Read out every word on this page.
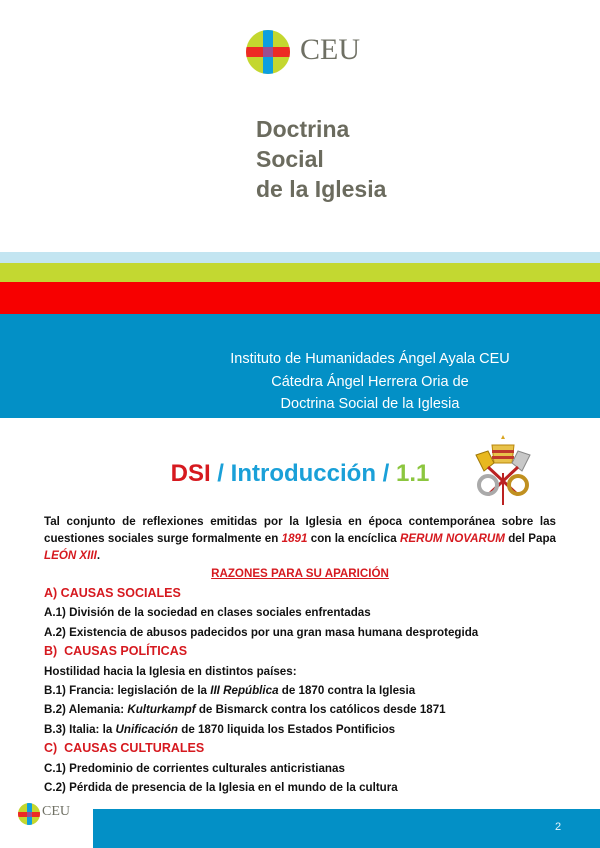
CEU
Doctrina
Social
de la Iglesia
Instituto de Humanidades Ángel Ayala CEU
Cátedra Ángel Herrera Oria de
Doctrina Social de la Iglesia
DSI / Introducción / 1.1
Tal conjunto de reflexiones emitidas por la Iglesia en época contemporánea sobre las cuestiones sociales surge formalmente en 1891 con la encíclica RERUM NOVARUM del Papa LEÓN XIII.
RAZONES PARA SU APARICIÓN
A) CAUSAS SOCIALES
A.1) División de la sociedad en clases sociales enfrentadas
A.2) Existencia de abusos padecidos por una gran masa humana desprotegida
B)  CAUSAS POLÍTICAS
Hostilidad hacia la Iglesia en distintos países:
B.1) Francia: legislación de la III República de 1870 contra la Iglesia
B.2) Alemania: Kulturkampf de Bismarck contra los católicos desde 1871
B.3) Italia: la Unificación de 1870 liquida los Estados Pontificios
C)  CAUSAS CULTURALES
C.1) Predominio de corrientes culturales anticristianas
C.2) Pérdida de presencia de la Iglesia en el mundo de la cultura
CEU
2
